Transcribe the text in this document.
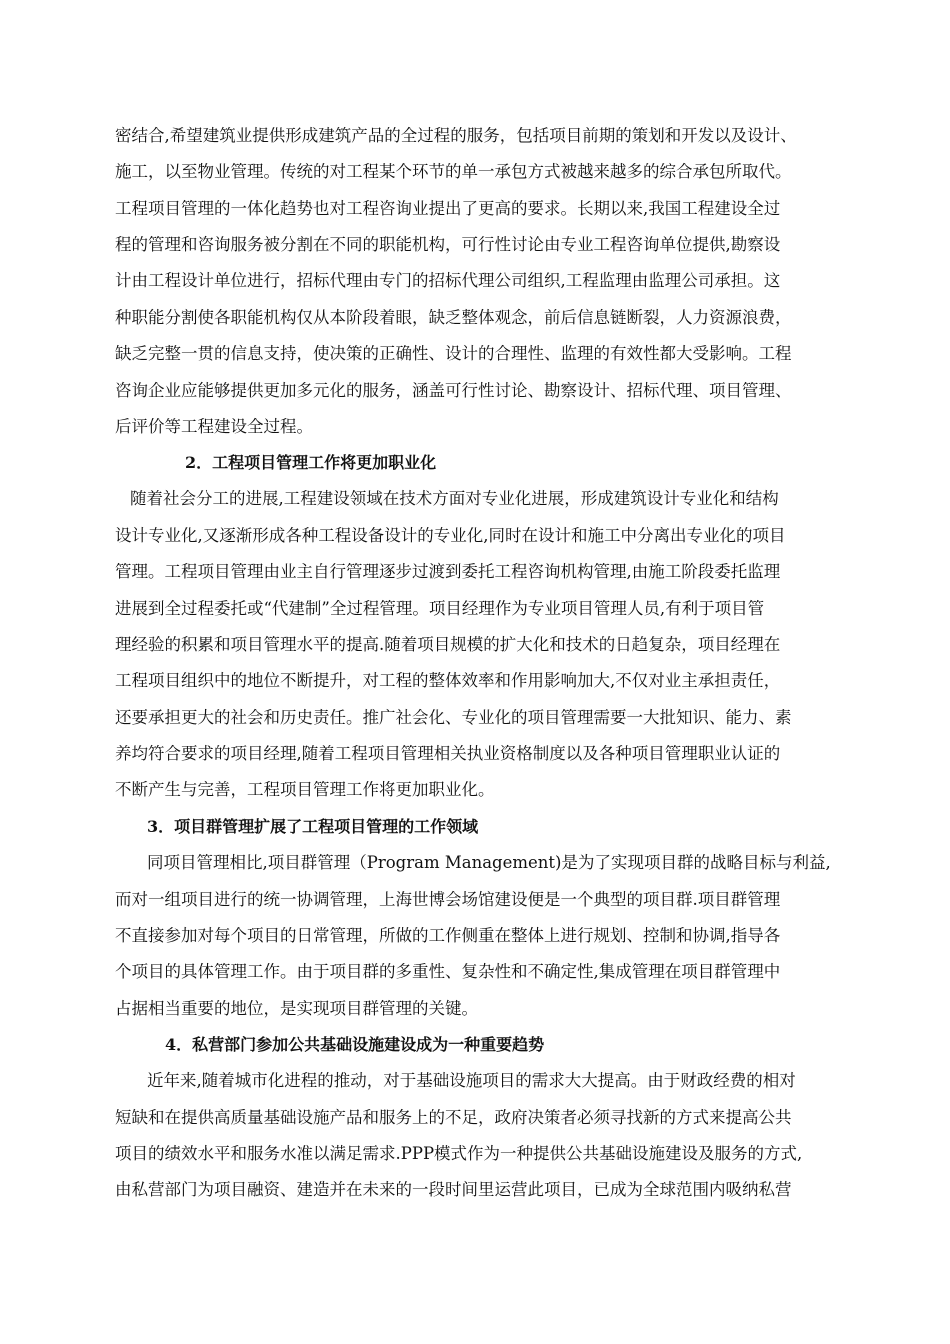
密结合,希望建筑业提供形成建筑产品的全过程的服务，包括项目前期的策划和开发以及设计、
施工，以至物业管理。传统的对工程某个环节的单一承包方式被越来越多的综合承包所取代。
工程项目管理的一体化趋势也对工程咨询业提出了更高的要求。长期以来,我国工程建设全过
程的管理和咨询服务被分割在不同的职能机构，可行性讨论由专业工程咨询单位提供,勘察设
计由工程设计单位进行，招标代理由专门的招标代理公司组织,工程监理由监理公司承担。这
种职能分割使各职能机构仅从本阶段着眼，缺乏整体观念，前后信息链断裂，人力资源浪费，
缺乏完整一贯的信息支持，使决策的正确性、设计的合理性、监理的有效性都大受影响。工程
咨询企业应能够提供更加多元化的服务，涵盖可行性讨论、勘察设计、招标代理、项目管理、
后评价等工程建设全过程。
2．工程项目管理工作将更加职业化
随着社会分工的进展,工程建设领域在技术方面对专业化进展，形成建筑设计专业化和结构
设计专业化,又逐渐形成各种工程设备设计的专业化,同时在设计和施工中分离出专业化的项目
管理。工程项目管理由业主自行管理逐步过渡到委托工程咨询机构管理,由施工阶段委托监理
进展到全过程委托或“代建制”全过程管理。项目经理作为专业项目管理人员,有利于项目管
理经验的积累和项目管理水平的提高.随着项目规模的扩大化和技术的日趋复杂，项目经理在
工程项目组织中的地位不断提升，对工程的整体效率和作用影响加大,不仅对业主承担责任，
还要承担更大的社会和历史责任。推广社会化、专业化的项目管理需要一大批知识、能力、素
养均符合要求的项目经理,随着工程项目管理相关执业资格制度以及各种项目管理职业认证的
不断产生与完善，工程项目管理工作将更加职业化。
3．项目群管理扩展了工程项目管理的工作领域
同项目管理相比,项目群管理（Program Management)是为了实现项目群的战略目标与利益,
而对一组项目进行的统一协调管理，上海世博会场馆建设便是一个典型的项目群.项目群管理
不直接参加对每个项目的日常管理，所做的工作侧重在整体上进行规划、控制和协调,指导各
个项目的具体管理工作。由于项目群的多重性、复杂性和不确定性,集成管理在项目群管理中
占据相当重要的地位，是实现项目群管理的关键。
4．私营部门参加公共基础设施建设成为一种重要趋势
近年来,随着城市化进程的推动，对于基础设施项目的需求大大提高。由于财政经费的相对
短缺和在提供高质量基础设施产品和服务上的不足，政府决策者必须寻找新的方式来提高公共
项目的绩效水平和服务水准以满足需求.PPP模式作为一种提供公共基础设施建设及服务的方式,
由私营部门为项目融资、建造并在未来的一段时间里运营此项目，已成为全球范围内吸纳私营
